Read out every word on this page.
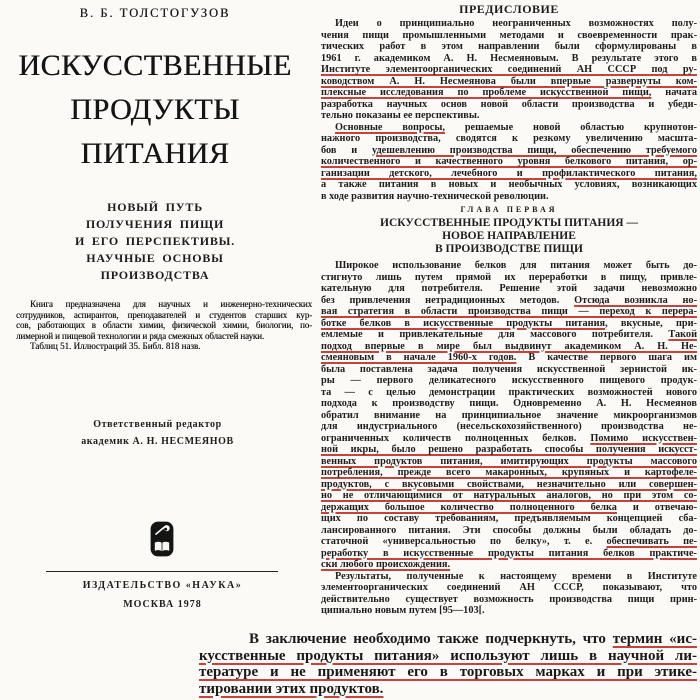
В. Б. ТОЛСТОГУЗОВ
ИСКУССТВЕННЫЕ
ПРОДУКТЫ
ПИТАНИЯ
НОВЫЙ ПУТЬ
ПОЛУЧЕНИЯ ПИЩИ
И ЕГО ПЕРСПЕКТИВЫ.
НАУЧНЫЕ ОСНОВЫ
ПРОИЗВОДСТВА
Книга предназначена для научных и инженерно-технических
сотрудников, аспирантов, преподавателей и студентов старших кур-
сов, работающих в области химии, физической химии, биологии, по-
лимерной и пищевой технологии и ряда смежных областей науки.
Таблиц 51. Иллюстраций 35. Библ. 818 назв.
Ответственный редактор
академик А. Н. НЕСМЕЯНОВ
ИЗДАТЕЛЬСТВО «НАУКА»
МОСКВА 1978
ПРЕДИСЛОВИЕ
Идеи о принципиально неограниченных возможностях полу-
чения пищи промышленными методами и своевременности прак-
тических работ в этом направлении были сформулированы в
1961 г. академиком А. Н. Несмеяновым. В результате этого в
Институте элементоорганических соединений АН СССР под ру-
ководством А. Н. Несмеянова были впервые развернуты ком-
плексные исследования по проблеме искусственной пищи, начата
разработка научных основ новой области производства и убеди-
тельно показаны ее перспективы.
Основные вопросы, решаемые новой областью крупнотон-
нажного производства, сводятся к резкому увеличению масшта-
бов и удешевлению производства пищи, обеспечению требуемого
количественного и качественного уровня белкового питания, ор-
ганизации детского, лечебного и профилактического питания,
а также питания в новых и необычных условиях, возникающих
в ходе развития научно-технической революции.
ГЛАВА ПЕРВАЯ
ИСКУССТВЕННЫЕ ПРОДУКТЫ ПИТАНИЯ —
НОВОЕ НАПРАВЛЕНИЕ
В ПРОИЗВОДСТВЕ ПИЩИ
Широкое использование белков для питания может быть до-
стигнуто лишь путем прямой их переработки в пищу, привле-
кательную для потребителя. Решение этой задачи невозможно
без привлечения нетрадиционных методов. Отсюда возникла но-
вая стратегия в области производства пищи — переход к перера-
ботке белков в искусственные продукты питания, вкусные, при-
емлемые и привлекательные для массового потребителя. Такой
подход впервые в мире был выдвинут академиком А. Н. Не-
смеяновым в начале 1960-х годов. В качестве первого шага им
была поставлена задача получения искусственной зернистой ик-
ры — первого деликатесного искусственного пищевого продук-
та — с целью демонстрации практических возможностей нового
подхода к производству пищи. Одновременно А. Н. Несмеянов
обратил внимание на принципиальное значение микроорганизмов
для индустриального (несельскохозяйственного) производства не-
ограниченных количеств полноценных белков. Помимо искусствен-
ной икры, было решено разработать способы получения искусст-
венных продуктов питания, имитирующих продукты массового
потребления, прежде всего макаронных, крупяных и картофеле-
продуктов, с вкусовыми свойствами, незначительно или совершен-
но не отличающимися от натуральных аналогов, но при этом со-
держащих большое количество полноценного белка и отвечаю-
щих по составу требованиям, предъявляемым концепцией сба-
лансированного питания. Эти способы должны были обладать до-
статочной «универсальностью по белку», т. е. обеспечивать пе-
реработку в искусственные продукты питания белков практиче-
ски любого происхождения.
Результаты, полученные к настоящему времени в Институте
элементоорганических соединений АН СССР, показывают, что
действительно существует возможность производства пищи прин-
ципиально новым путем [95—103[.
В заключение необходимо также подчеркнуть, что термин «ис-
кусственные продукты питания» используют лишь в научной ли-
тературе и не применяют его в торговых марках и при этике-
тировании этих продуктов.
